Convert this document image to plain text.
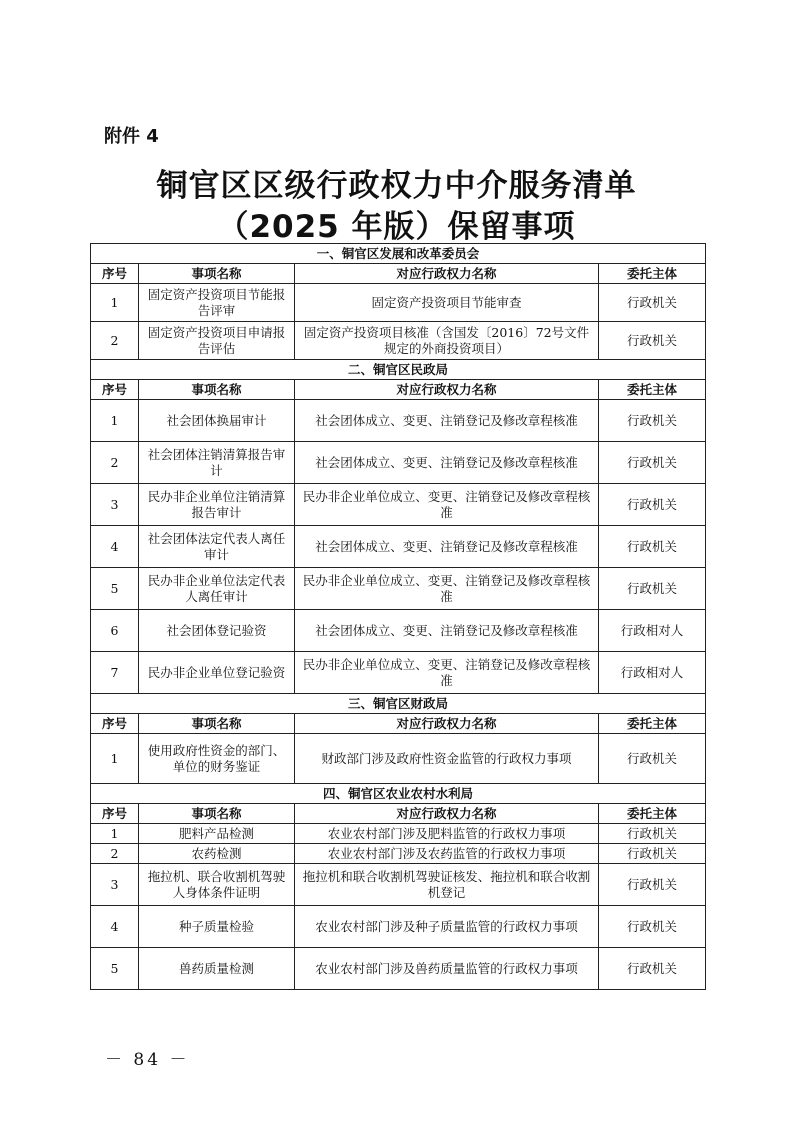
附件 4
铜官区区级行政权力中介服务清单
（2025 年版）保留事项
一、铜官区发展和改革委员会			
序号	事项名称	对应行政权力名称	委托主体
1	固定资产投资项目节能报告评审	固定资产投资项目节能审查	行政机关
2	固定资产投资项目申请报告评估	固定资产投资项目核准（含国发〔2016〕72号文件规定的外商投资项目）	行政机关
二、铜官区民政局			
序号	事项名称	对应行政权力名称	委托主体
1	社会团体换届审计	社会团体成立、变更、注销登记及修改章程核准	行政机关
2	社会团体注销清算报告审计	社会团体成立、变更、注销登记及修改章程核准	行政机关
3	民办非企业单位注销清算报告审计	民办非企业单位成立、变更、注销登记及修改章程核准	行政机关
4	社会团体法定代表人离任审计	社会团体成立、变更、注销登记及修改章程核准	行政机关
5	民办非企业单位法定代表人离任审计	民办非企业单位成立、变更、注销登记及修改章程核准	行政机关
6	社会团体登记验资	社会团体成立、变更、注销登记及修改章程核准	行政相对人
7	民办非企业单位登记验资	民办非企业单位成立、变更、注销登记及修改章程核准	行政相对人
三、铜官区财政局			
序号	事项名称	对应行政权力名称	委托主体
1	使用政府性资金的部门、单位的财务鉴证	财政部门涉及政府性资金监管的行政权力事项	行政机关
四、铜官区农业农村水利局			
序号	事项名称	对应行政权力名称	委托主体
1	肥料产品检测	农业农村部门涉及肥料监管的行政权力事项	行政机关
2	农药检测	农业农村部门涉及农药监管的行政权力事项	行政机关
3	拖拉机、联合收割机驾驶人身体条件证明	拖拉机和联合收割机驾驶证核发、拖拉机和联合收割机登记	行政机关
4	种子质量检验	农业农村部门涉及种子质量监管的行政权力事项	行政机关
5	兽药质量检测	农业农村部门涉及兽药质量监管的行政权力事项	行政机关
－ 84 －
